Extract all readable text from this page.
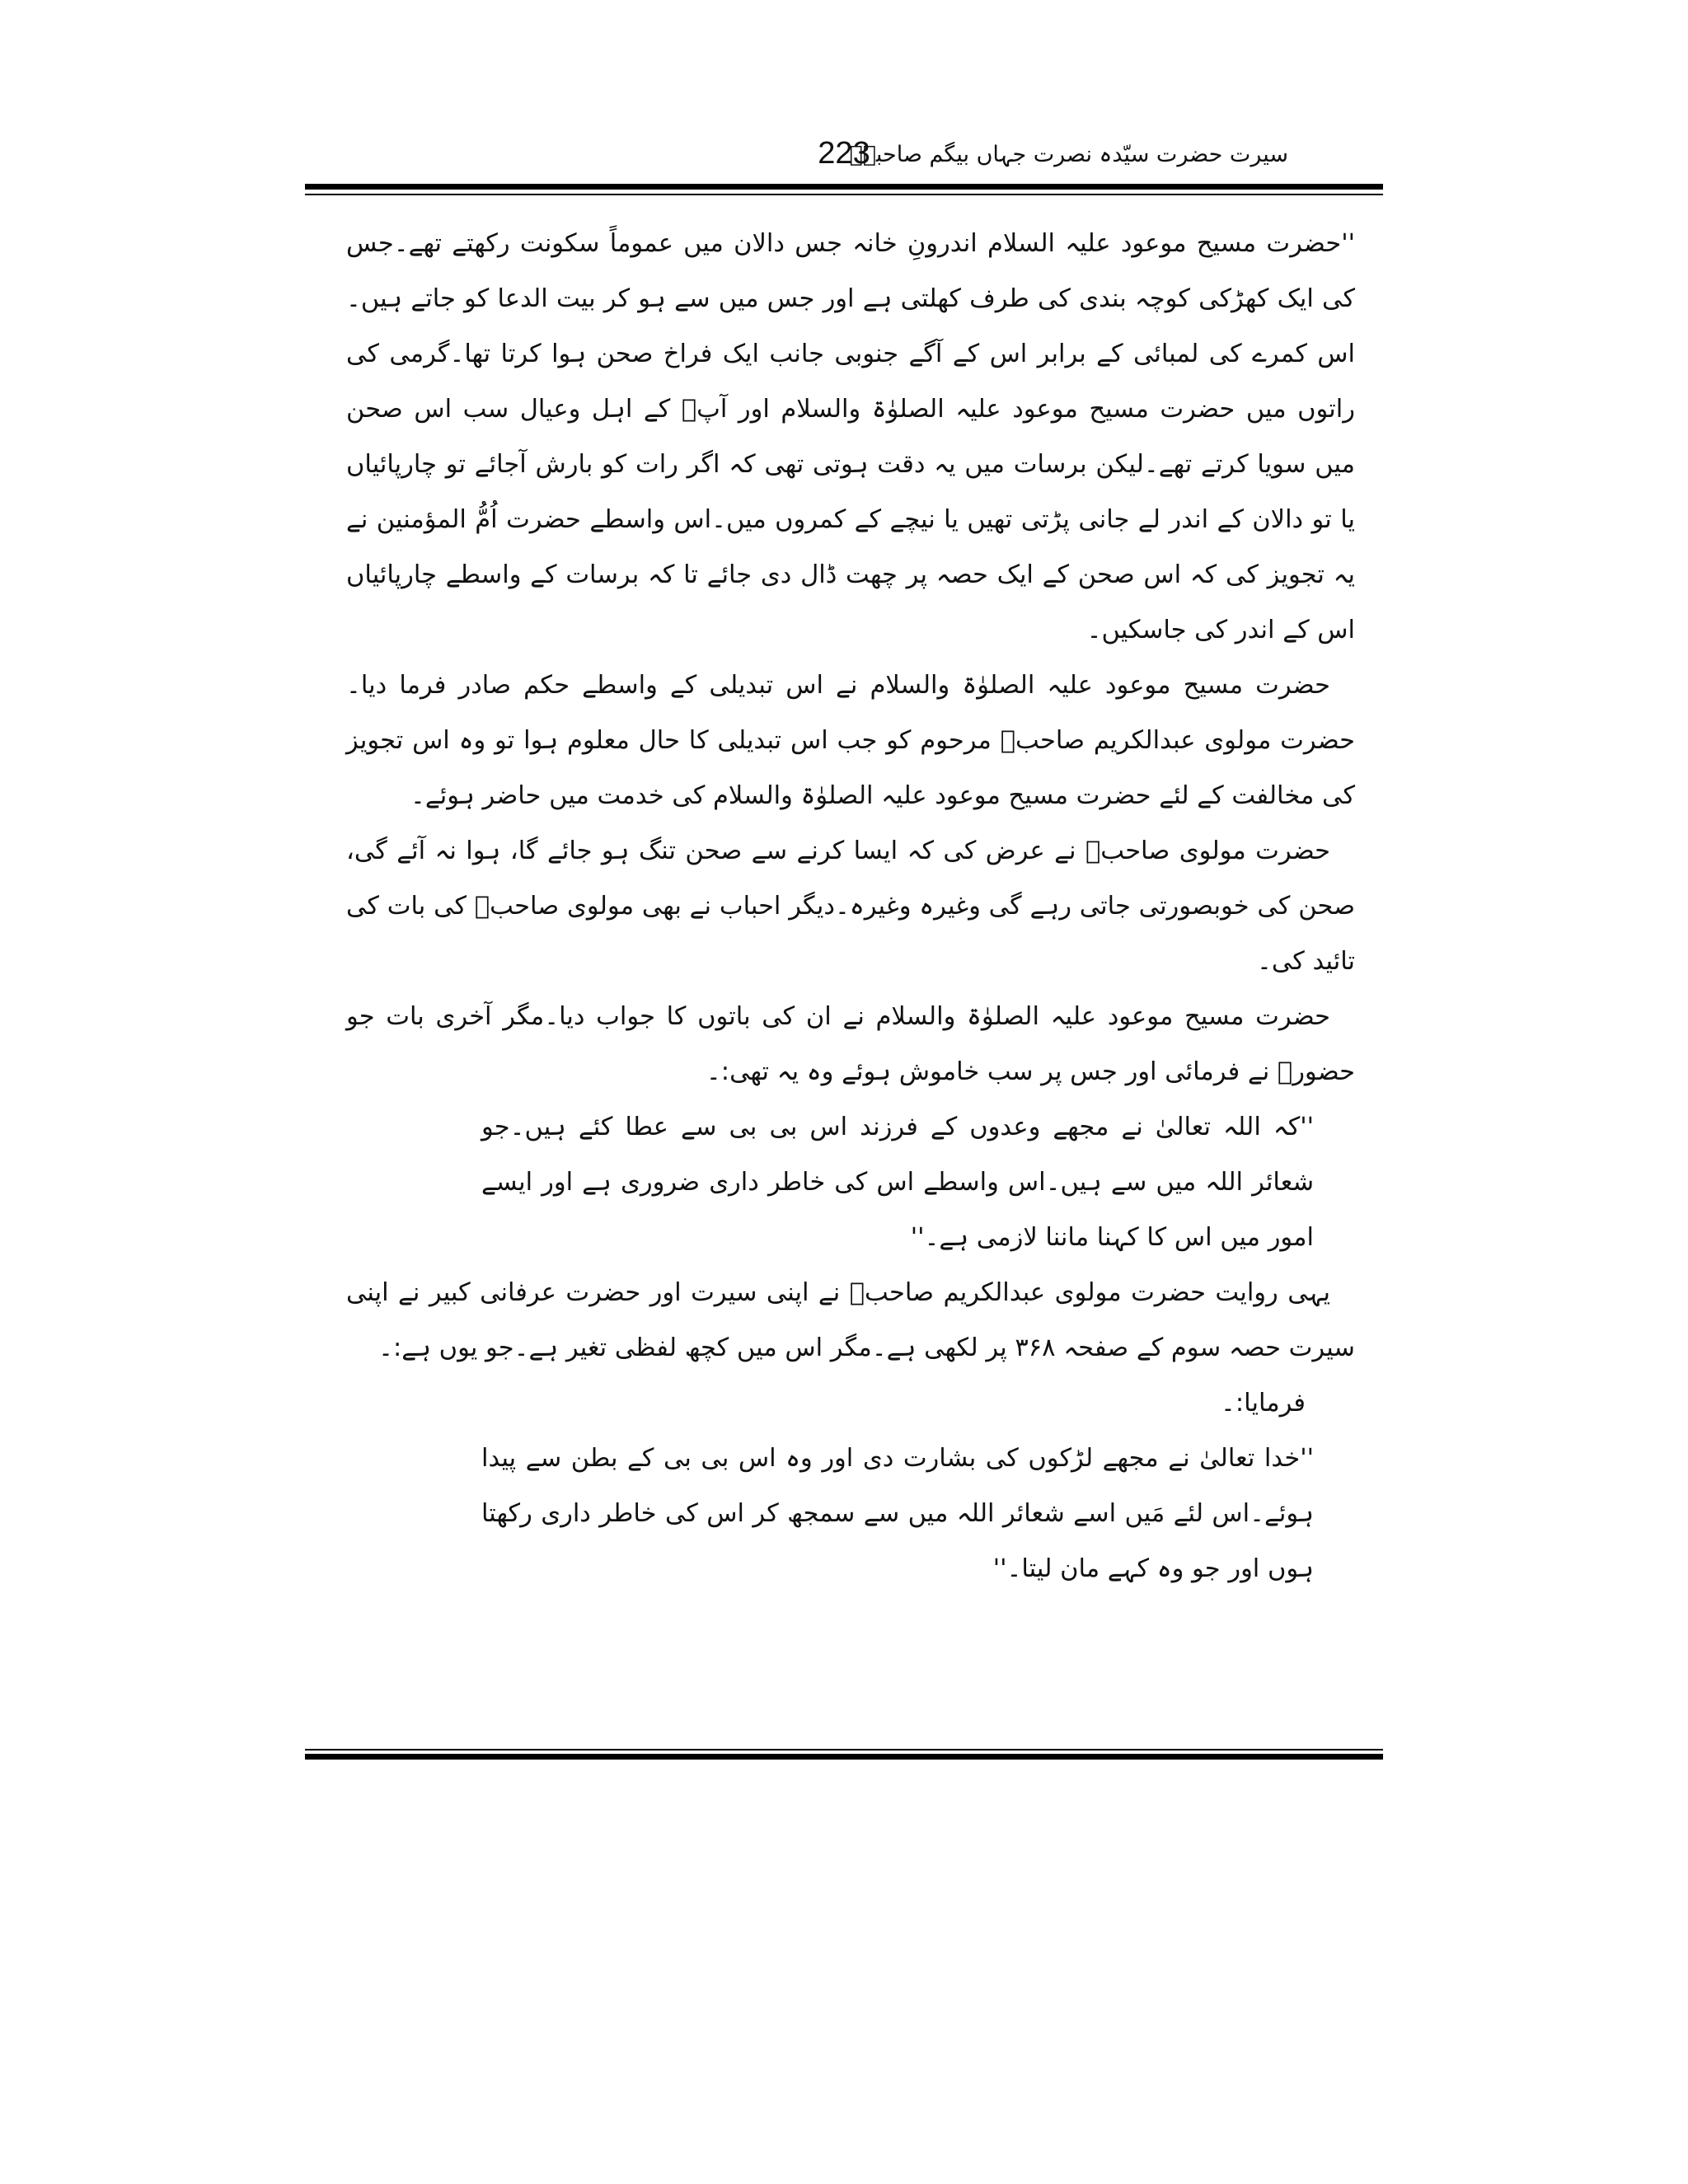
سیرت حضرت سیّدہ نصرت جہاں بیگم صاحبہؓ
223

''حضرت مسیح موعود علیہ السلام اندرونِ خانہ جس دالان میں عموماً سکونت رکھتے تھے۔جس کی ایک کھڑکی کوچہ بندی کی طرف کھلتی ہے اور جس میں سے ہو کر بیت الدعا کو جاتے ہیں۔اس کمرے کی لمبائی کے برابر اس کے آگے جنوبی جانب ایک فراخ صحن ہوا کرتا تھا۔گرمی کی راتوں میں حضرت مسیح موعود علیہ الصلوٰۃ والسلام اور آپؑ کے اہل وعیال سب اس صحن میں سویا کرتے تھے۔لیکن برسات میں یہ دقت ہوتی تھی کہ اگر رات کو بارش آجائے تو چارپائیاں یا تو دالان کے اندر لے جانی پڑتی تھیں یا نیچے کے کمروں میں۔اس واسطے حضرت اُمُّ المؤمنین نے یہ تجویز کی کہ اس صحن کے ایک حصہ پر چھت ڈال دی جائے تا کہ برسات کے واسطے چارپائیاں اس کے اندر کی جاسکیں۔

حضرت مسیح موعود علیہ الصلوٰۃ والسلام نے اس تبدیلی کے واسطے حکم صادر فرما دیا۔حضرت مولوی عبدالکریم صاحبؓ مرحوم کو جب اس تبدیلی کا حال معلوم ہوا تو وہ اس تجویز کی مخالفت کے لئے حضرت مسیح موعود علیہ الصلوٰۃ والسلام کی خدمت میں حاضر ہوئے۔

حضرت مولوی صاحبؓ نے عرض کی کہ ایسا کرنے سے صحن تنگ ہو جائے گا، ہوا نہ آئے گی، صحن کی خوبصورتی جاتی رہے گی وغیرہ وغیرہ۔دیگر احباب نے بھی مولوی صاحبؓ کی بات کی تائید کی۔

حضرت مسیح موعود علیہ الصلوٰۃ والسلام نے ان کی باتوں کا جواب دیا۔مگر آخری بات جو حضورؑ نے فرمائی اور جس پر سب خاموش ہوئے وہ یہ تھی:۔

''کہ اللہ تعالیٰ نے مجھے وعدوں کے فرزند اس بی بی سے عطا کئے ہیں۔جو شعائر اللہ میں سے ہیں۔اس واسطے اس کی خاطر داری ضروری ہے اور ایسے امور میں اس کا کہنا ماننا لازمی ہے۔''

یہی روایت حضرت مولوی عبدالکریم صاحبؓ نے اپنی سیرت اور حضرت عرفانی کبیر نے اپنی سیرت حصہ سوم کے صفحہ ۳۶۸ پر لکھی ہے۔مگر اس میں کچھ لفظی تغیر ہے۔جو یوں ہے:۔

فرمایا:۔

''خدا تعالیٰ نے مجھے لڑکوں کی بشارت دی اور وہ اس بی بی کے بطن سے پیدا ہوئے۔اس لئے مَیں اسے شعائر اللہ میں سے سمجھ کر اس کی خاطر داری رکھتا ہوں اور جو وہ کہے مان لیتا۔''
